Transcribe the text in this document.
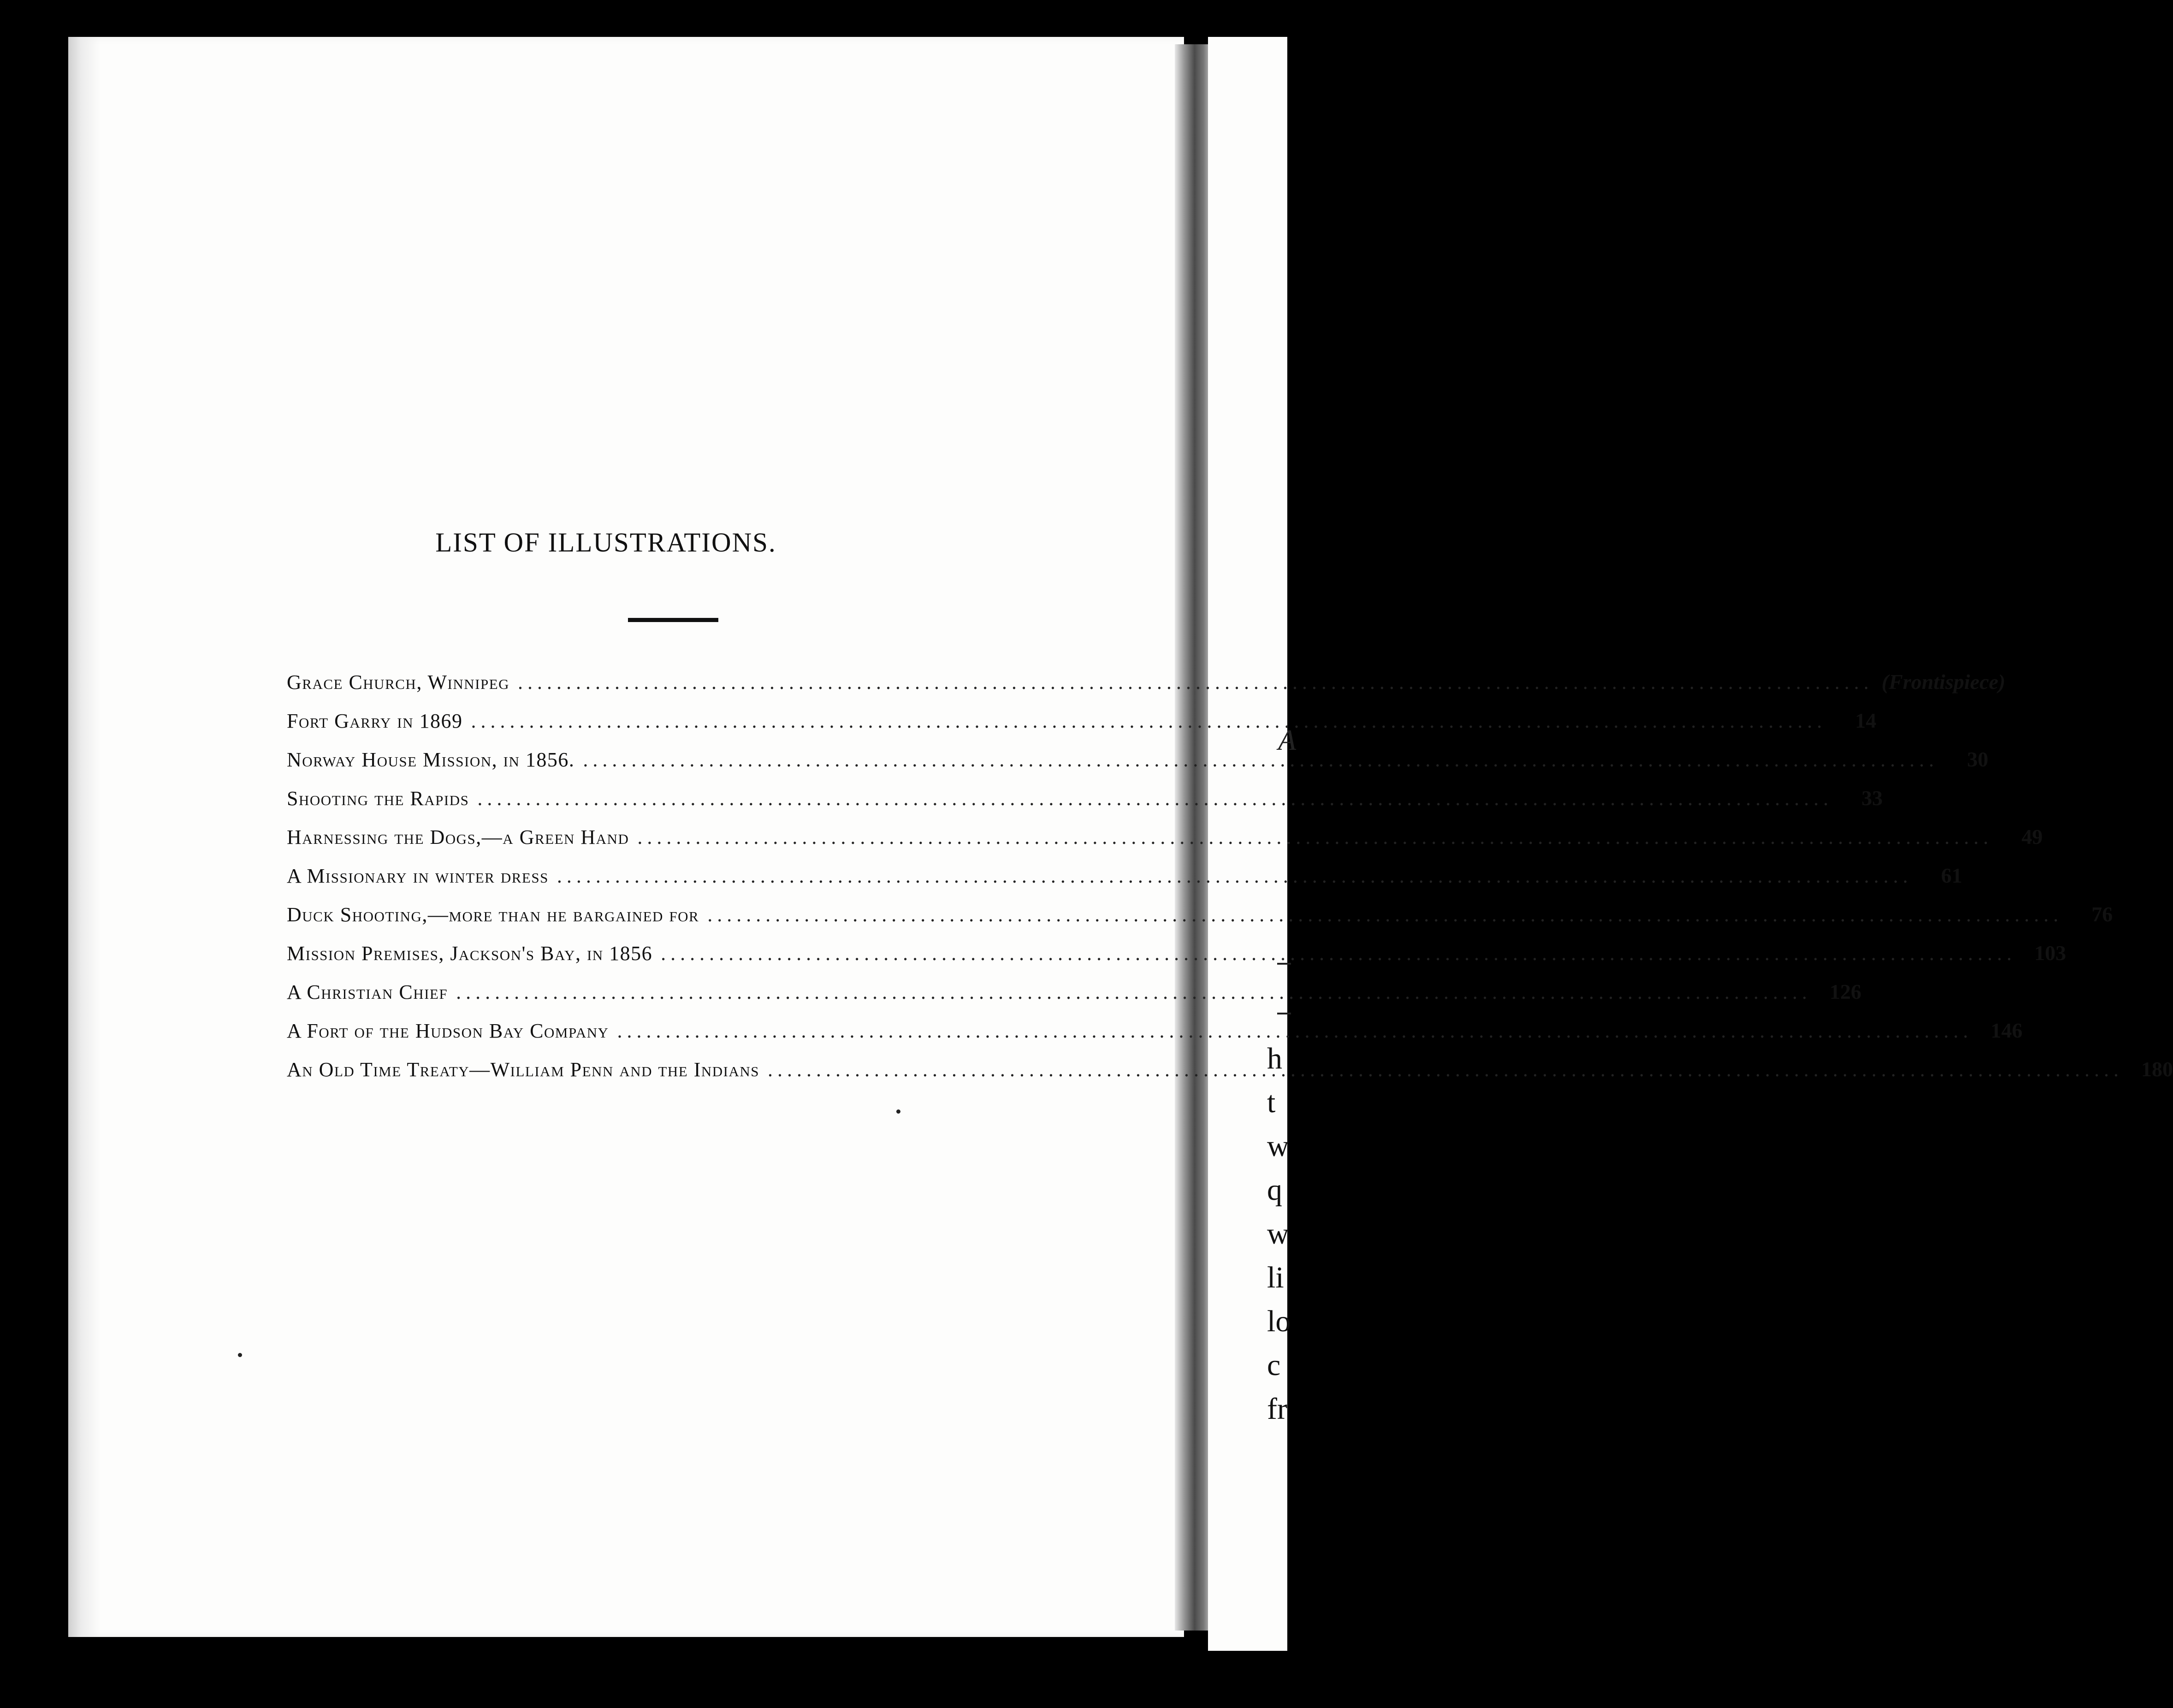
A
h
t
w
q
w
li
lo
c
fr
LIST OF ILLUSTRATIONS.
Grace Church, Winnipeg .....	(Frontispiece)
Fort Garry in 1869 .....	14
Norway House Mission, in 1856. .....	30
Shooting the Rapids .....	33
Harnessing the Dogs,—a Green Hand .....	49
A Missionary in winter dress .....	61
Duck Shooting,—more than he bargained for .....	76
Mission Premises, Jackson's Bay, in 1856 .....	103
A Christian Chief .....	126
A Fort of the Hudson Bay Company .....	146
An Old Time Treaty—William Penn and the Indians .....	180
